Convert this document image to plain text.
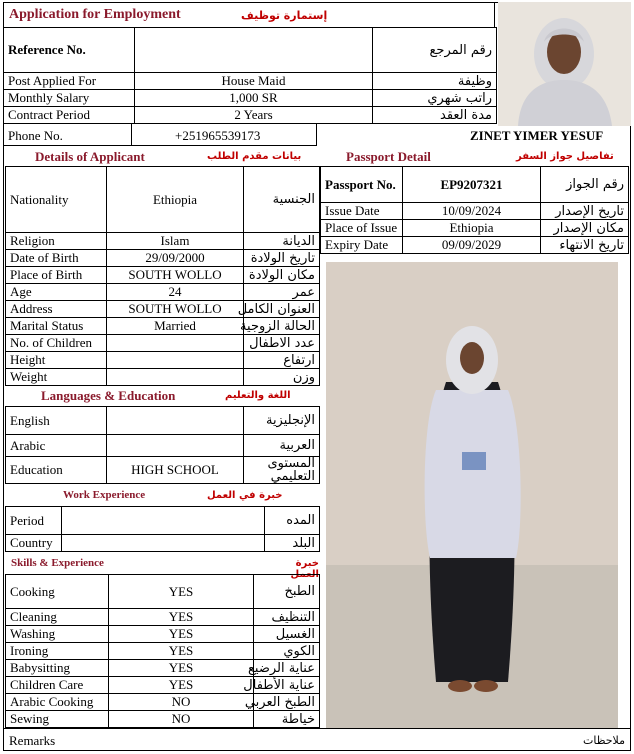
Application for Employment	إستمارة توظيف
Reference No.		رقم المرجع
Post Applied For	House Maid	وظيفة
Monthly Salary	1,000 SR	راتب شهري
Contract Period	2 Years	مدة العقد
Phone No.	+251965539173	ZINET YIMER YESUF
Details of Applicant	بيانات مقدم الطلب
Nationality	Ethiopia	الجنسية
Religion	Islam	الديانة
Date of Birth	29/09/2000	تاريخ الولادة
Place of Birth	SOUTH WOLLO	مكان الولادة
Age	24	عمر
Address	SOUTH WOLLO	العنوان الكامل
Marital Status	Married	الحالة الزوجية
No. of Children		عدد الاطفال
Height		ارتفاع
Weight		وزن
Passport Detail	تفاصيل جواز السفر
Passport No.	EP9207321	رقم الجواز
Issue Date	10/09/2024	تاريخ الإصدار
Place of Issue	Ethiopia	مكان الإصدار
Expiry Date	09/09/2029	تاريخ الانتهاء
Languages & Education	اللغة والتعليم
English		الإنجليزية
Arabic		العربية
Education	HIGH SCHOOL	المستوى التعليمي
Work Experience	خبرة في العمل
Period		المده
Country		البلد
Skills & Experience	خبرة العمل
Cooking	YES	الطبخ
Cleaning	YES	التنظيف
Washing	YES	الغسيل
Ironing	YES	الكوي
Babysitting	YES	عناية الرضيع
Children Care	YES	عناية الأطفال
Arabic Cooking	NO	الطبخ العربي
Sewing	NO	خياطة
Remarks	ملاحظات
